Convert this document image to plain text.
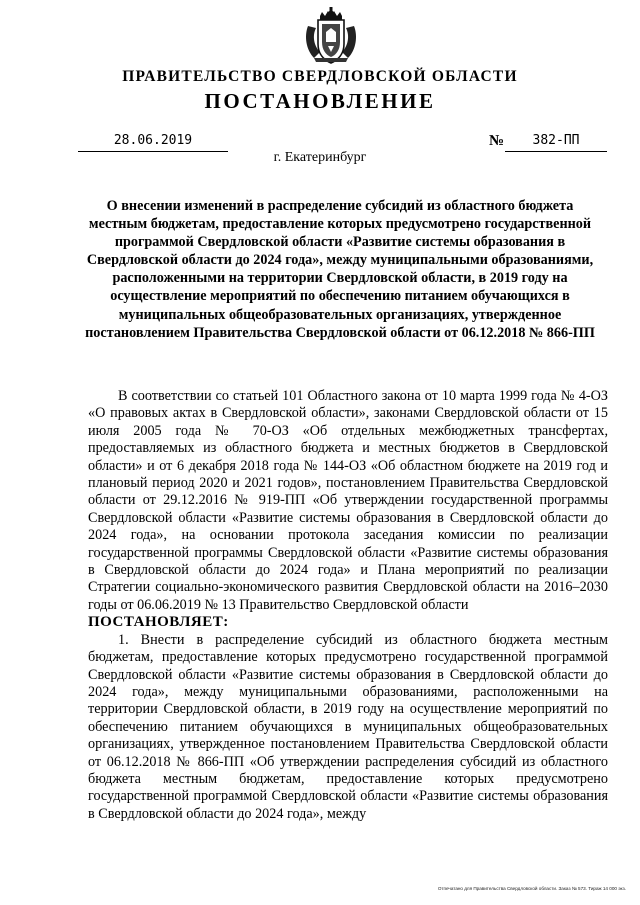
ПРАВИТЕЛЬСТВО СВЕРДЛОВСКОЙ ОБЛАСТИ
ПОСТАНОВЛЕНИЕ
28.06.2019	№	382-ПП
г. Екатеринбург

О внесении изменений в распределение субсидий из областного бюджета местным бюджетам, предоставление которых предусмотрено государственной программой Свердловской области «Развитие системы образования в Свердловской области до 2024 года», между муниципальными образованиями, расположенными на территории Свердловской области, в 2019 году на осуществление мероприятий по обеспечению питанием обучающихся в муниципальных общеобразовательных организациях, утвержденное постановлением Правительства Свердловской области от 06.12.2018 № 866-ПП

В соответствии со статьей 101 Областного закона от 10 марта 1999 года № 4-ОЗ «О правовых актах в Свердловской области», законами Свердловской области от 15 июля 2005 года № 70-ОЗ «Об отдельных межбюджетных трансфертах, предоставляемых из областного бюджета и местных бюджетов в Свердловской области» и от 6 декабря 2018 года № 144-ОЗ «Об областном бюджете на 2019 год и плановый период 2020 и 2021 годов», постановлением Правительства Свердловской области от 29.12.2016 № 919-ПП «Об утверждении государственной программы Свердловской области «Развитие системы образования в Свердловской области до 2024 года», на основании протокола заседания комиссии по реализации государственной программы Свердловской области «Развитие системы образования в Свердловской области до 2024 года» и Плана мероприятий по реализации Стратегии социально-экономического развития Свердловской области на 2016–2030 годы от 06.06.2019 № 13 Правительство Свердловской области

ПОСТАНОВЛЯЕТ:

1. Внести в распределение субсидий из областного бюджета местным бюджетам, предоставление которых предусмотрено государственной программой Свердловской области «Развитие системы образования в Свердловской области до 2024 года», между муниципальными образованиями, расположенными на территории Свердловской области, в 2019 году на осуществление мероприятий по обеспечению питанием обучающихся в муниципальных общеобразовательных организациях, утвержденное постановлением Правительства Свердловской области от 06.12.2018 № 866-ПП «Об утверждении распределения субсидий из областного бюджета местным бюджетам, предоставление которых предусмотрено государственной программой Свердловской области «Развитие системы образования в Свердловской области до 2024 года», между

Отпечатано для Правительства Свердловской области. Заказ № 573. Тираж 14 000 экз.
